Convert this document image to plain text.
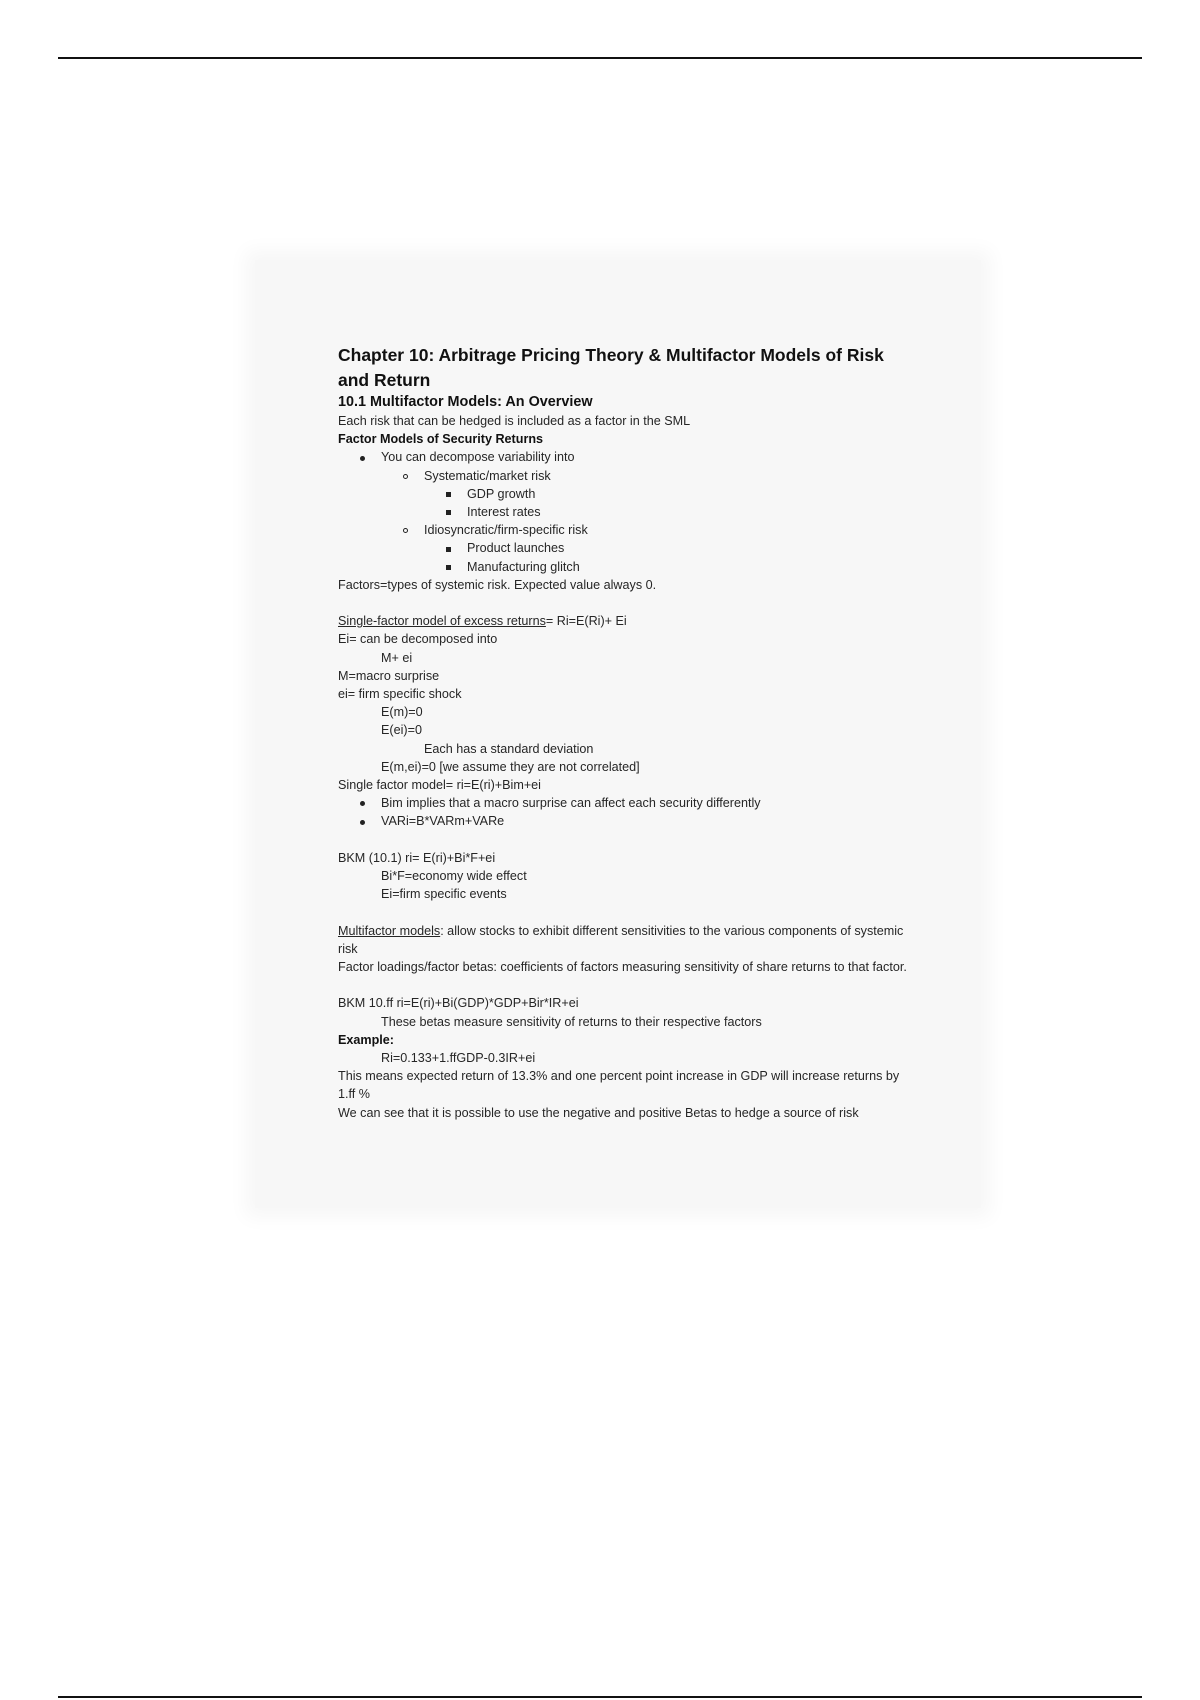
Chapter 10: Arbitrage Pricing Theory & Multifactor Models of Risk and Return
10.1 Multifactor Models: An Overview
Each risk that can be hedged is included as a factor in the SML
Factor Models of Security Returns
You can decompose variability into
Systematic/market risk
GDP growth
Interest rates
Idiosyncratic/firm-specific risk
Product launches
Manufacturing glitch
Factors=types of systemic risk. Expected value always 0.
Single-factor model of excess returns= Ri=E(Ri)+ Ei
Ei= can be decomposed into
M+ ei
M=macro surprise
ei= firm specific shock
E(m)=0
E(ei)=0
Each has a standard deviation
E(m,ei)=0 [we assume they are not correlated]
Single factor model= ri=E(ri)+Bim+ei
Bim implies that a macro surprise can affect each security differently
VARi=B*VARm+VARe
BKM (10.1) ri= E(ri)+Bi*F+ei
Bi*F=economy wide effect
Ei=firm specific events
Multifactor models: allow stocks to exhibit different sensitivities to the various components of systemic risk
Factor loadings/factor betas: coefficients of factors measuring sensitivity of share returns to that factor.
BKM 10.ff ri=E(ri)+Bi(GDP)*GDP+Bir*IR+ei
These betas measure sensitivity of returns to their respective factors
Example:
Ri=0.133+1.ffGDP-0.3IR+ei
This means expected return of 13.3% and one percent point increase in GDP will increase returns by 1.ff %
We can see that it is possible to use the negative and positive Betas to hedge a source of risk
